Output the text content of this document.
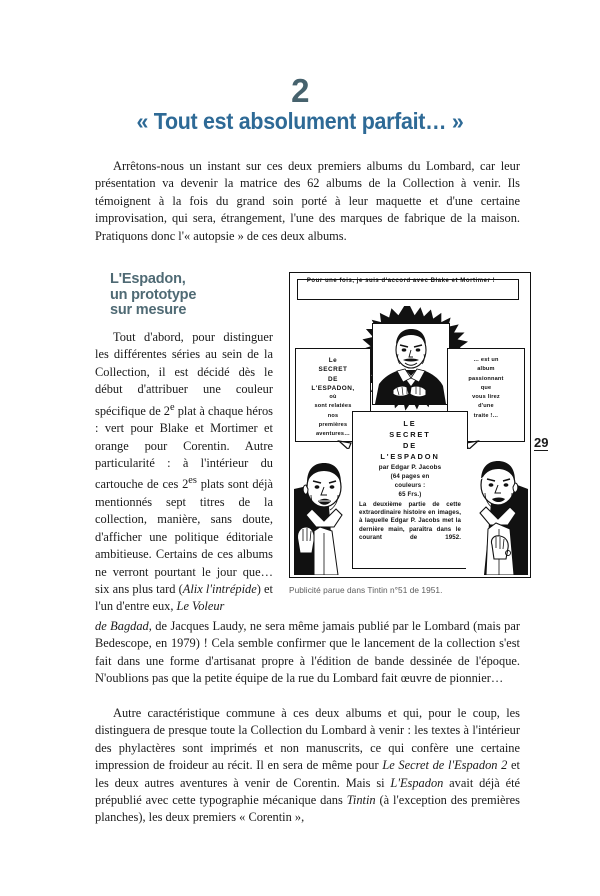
2
« Tout est absolument parfait… »
Arrêtons-nous un instant sur ces deux premiers albums du Lombard, car leur présentation va devenir la matrice des 62 albums de la Collection à venir. Ils témoignent à la fois du grand soin porté à leur maquette et d'une certaine improvisation, qui sera, étrangement, l'une des marques de fabrique de la maison. Pratiquons donc l'« autopsie » de ces deux albums.
L'Espadon,
un prototype
sur mesure
Tout d'abord, pour distinguer les différentes séries au sein de la Collection, il est décidé dès le début d'attribuer une couleur spécifique de 2e plat à chaque héros : vert pour Blake et Mortimer et orange pour Corentin. Autre particularité : à l'intérieur du cartouche de ces $2^{es}$ plats sont déjà mentionnés sept titres de la collection, manière, sans doute, d'afficher une politique éditoriale ambitieuse. Certains de ces albums ne verront pourtant le jour que… six ans plus tard (Alix l'intrépide) et l'un d'entre eux, Le Voleur
de Bagdad, de Jacques Laudy, ne sera même jamais publié par le Lombard (mais par Bedescope, en 1979) ! Cela semble confirmer que le lancement de la collection s'est fait dans une forme d'artisanat propre à l'édition de bande dessinée de l'époque. N'oublions pas que la petite équipe de la rue du Lombard fait œuvre de pionnier…
Autre caractéristique commune à ces deux albums et qui, pour le coup, les distinguera de presque toute la Collection du Lombard à venir : les textes à l'intérieur des phylactères sont imprimés et non manuscrits, ce qui confère une certaine impression de froideur au récit. Il en sera de même pour Le Secret de l'Espadon 2 et les deux autres aventures à venir de Corentin. Mais si L'Espadon avait déjà été prépublié avec cette typographie mécanique dans Tintin (à l'exception des premières planches), les deux premiers « Corentin »,
29
Pour une fois, je suis d'accord avec Blake et Mortimer !
Le
SECRET
DE
L'ESPADON,
où
sont relatées
nos
premières
aventures…
… est un
album
passionnant
que
vous lirez
d'une
traite !…
LE
SECRET
DE
L'ESPADON
par Edgar P. Jacobs
(64 pages en
couleurs :
65 Frs.)
La deuxième partie de cette extraordinaire histoire en images, à laquelle Edgar P. Jacobs met la dernière main, paraîtra dans le courant de 1952.
Publicité parue dans Tintin n°51 de 1951.
